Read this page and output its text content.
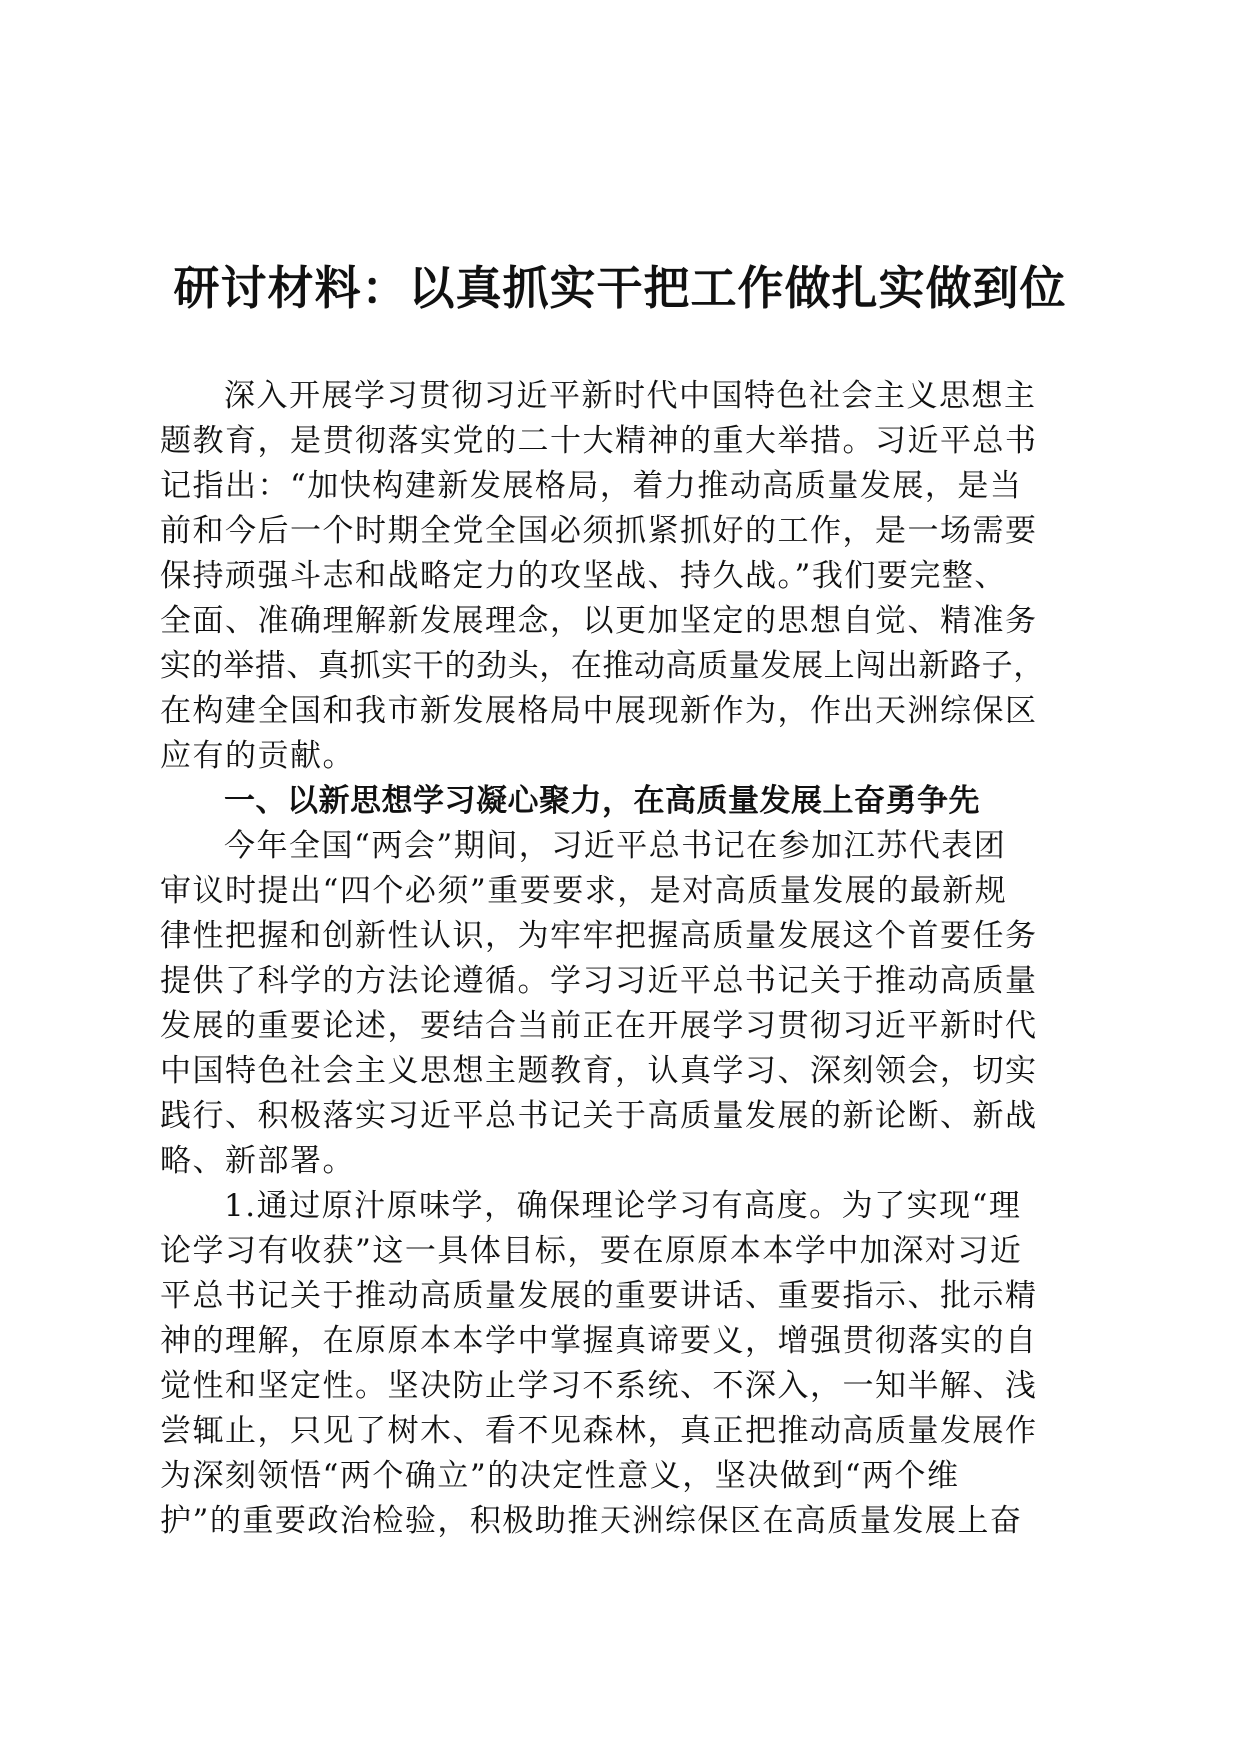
研讨材料：以真抓实干把工作做扎实做到位

深入开展学习贯彻习近平新时代中国特色社会主义思想主

题教育，是贯彻落实党的二十大精神的重大举措。习近平总书

记指出：“加快构建新发展格局，着力推动高质量发展，是当

前和今后一个时期全党全国必须抓紧抓好的工作，是一场需要

保持顽强斗志和战略定力的攻坚战、持久战。”我们要完整、

全面、准确理解新发展理念，以更加坚定的思想自觉、精准务

实的举措、真抓实干的劲头，在推动高质量发展上闯出新路子，

在构建全国和我市新发展格局中展现新作为，作出天洲综保区

应有的贡献。

一、以新思想学习凝心聚力，在高质量发展上奋勇争先

今年全国“两会”期间，习近平总书记在参加江苏代表团

审议时提出“四个必须”重要要求，是对高质量发展的最新规

律性把握和创新性认识，为牢牢把握高质量发展这个首要任务

提供了科学的方法论遵循。学习习近平总书记关于推动高质量

发展的重要论述，要结合当前正在开展学习贯彻习近平新时代

中国特色社会主义思想主题教育，认真学习、深刻领会，切实

践行、积极落实习近平总书记关于高质量发展的新论断、新战

略、新部署。

1.通过原汁原味学，确保理论学习有高度。为了实现“理

论学习有收获”这一具体目标，要在原原本本学中加深对习近

平总书记关于推动高质量发展的重要讲话、重要指示、批示精

神的理解，在原原本本学中掌握真谛要义，增强贯彻落实的自

觉性和坚定性。坚决防止学习不系统、不深入，一知半解、浅

尝辄止，只见了树木、看不见森林，真正把推动高质量发展作

为深刻领悟“两个确立”的决定性意义，坚决做到“两个维

护”的重要政治检验，积极助推天洲综保区在高质量发展上奋
